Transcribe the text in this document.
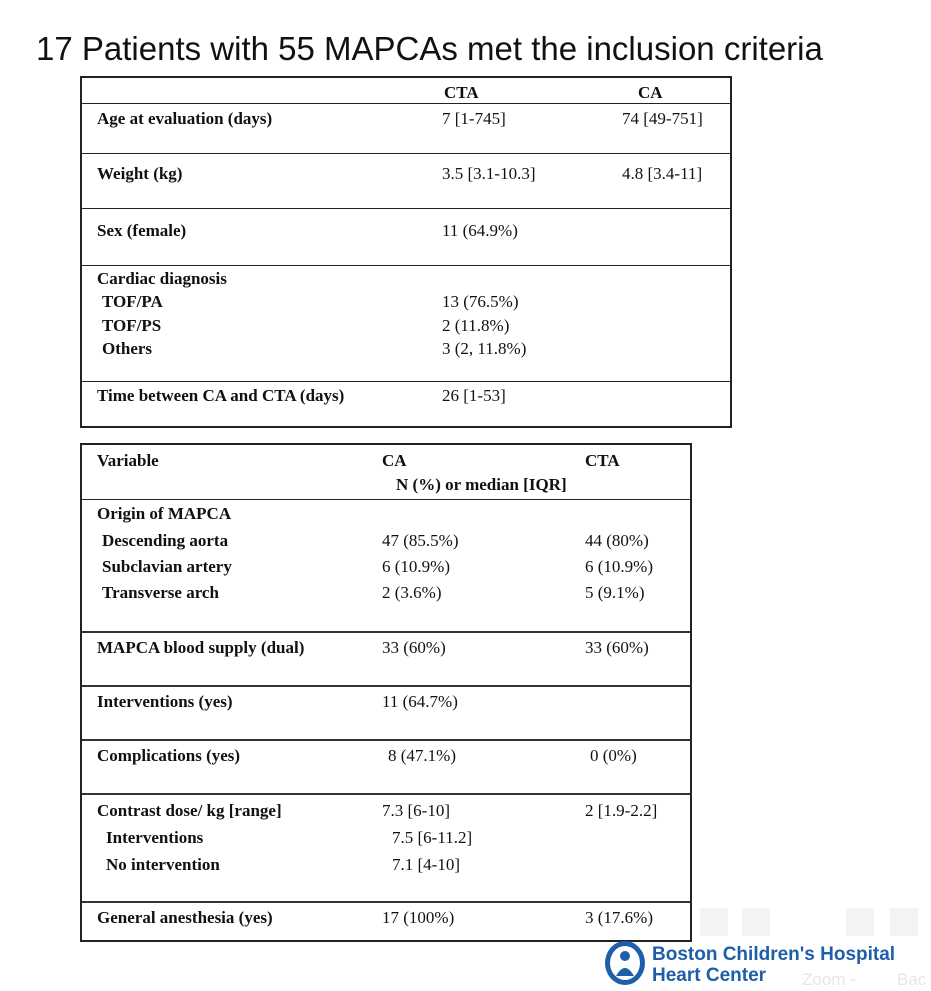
17 Patients with 55 MAPCAs met the inclusion criteria
CTA	CA
Age at evaluation (days)	7 [1-745]	74 [49-751]
Weight (kg)	3.5 [3.1-10.3]	4.8 [3.4-11]
Sex (female)	11 (64.9%)
Cardiac diagnosis
TOF/PA	13 (76.5%)
TOF/PS	2 (11.8%)
Others	3 (2, 11.8%)
Time between CA and CTA (days)	26 [1-53]
Variable	CA	CTA
N (%) or median [IQR]
Origin of MAPCA
Descending aorta	47 (85.5%)	44 (80%)
Subclavian artery	6 (10.9%)	6 (10.9%)
Transverse arch	2 (3.6%)	5 (9.1%)
MAPCA blood supply (dual)	33 (60%)	33 (60%)
Interventions (yes)	11 (64.7%)
Complications (yes)	8 (47.1%)	0 (0%)
Contrast dose/ kg [range]	7.3 [6-10]	2 [1.9-2.2]
Interventions	7.5 [6-11.2]
No intervention	7.1 [4-10]
General anesthesia (yes)	17 (100%)	3 (17.6%)
Zoom - Bac
Boston Children's Hospital
Heart Center
